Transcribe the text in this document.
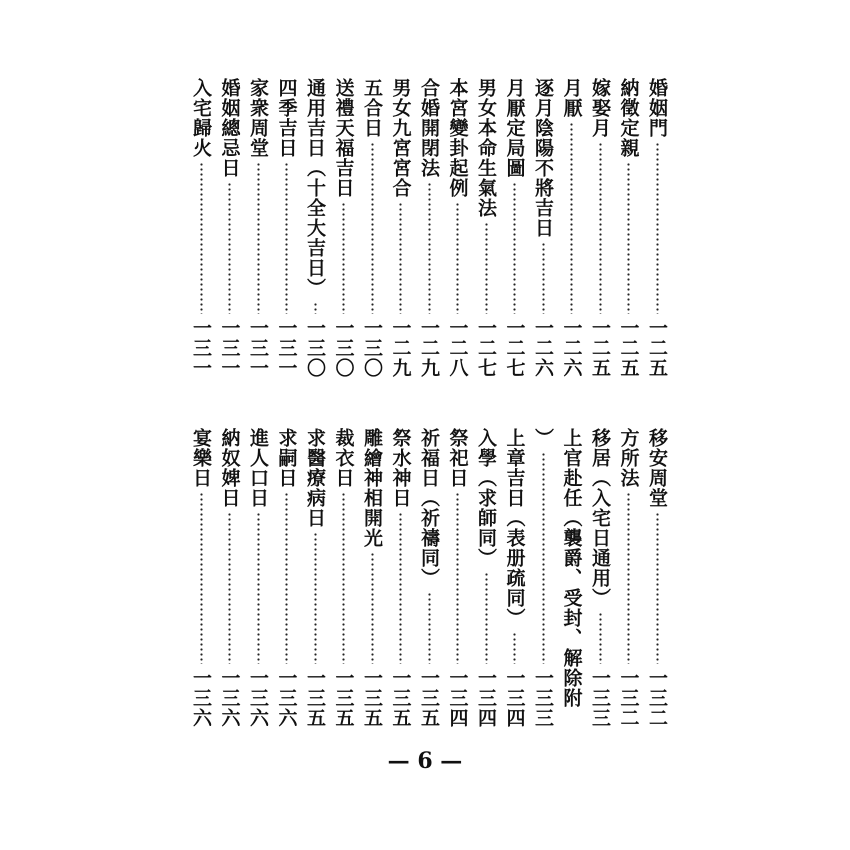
婚姻門
一二五
納徵定親
一二五
嫁娶月
一二五
月厭
一二六
逐月陰陽不將吉日
一二六
月厭定局圖
一二七
男女本命生氣法
一二七
本宮變卦起例
一二八
合婚開閉法
一二九
男女九宮宮合
一二九
五合日
一三〇
送禮天福吉日
一三〇
通用吉日（十全大吉日）
一三〇
四季吉日
一三一
家衆周堂
一三一
婚姻總忌日
一三一
入宅歸火
一三一
移安周堂
一三二
方所法
一三二
移居（入宅日通用）
一三三
上官赴任（襲爵、受封、解除附
）
一三三
上章吉日（表册疏同）
一三四
入學（求師同）
一三四
祭祀日
一三四
祈福日（祈禱同）
一三五
祭水神日
一三五
雕繪神相開光
一三五
裁衣日
一三五
求醫療病日
一三五
求嗣日
一三六
進人口日
一三六
納奴婢日
一三六
宴樂日
一三六
— 6 —
